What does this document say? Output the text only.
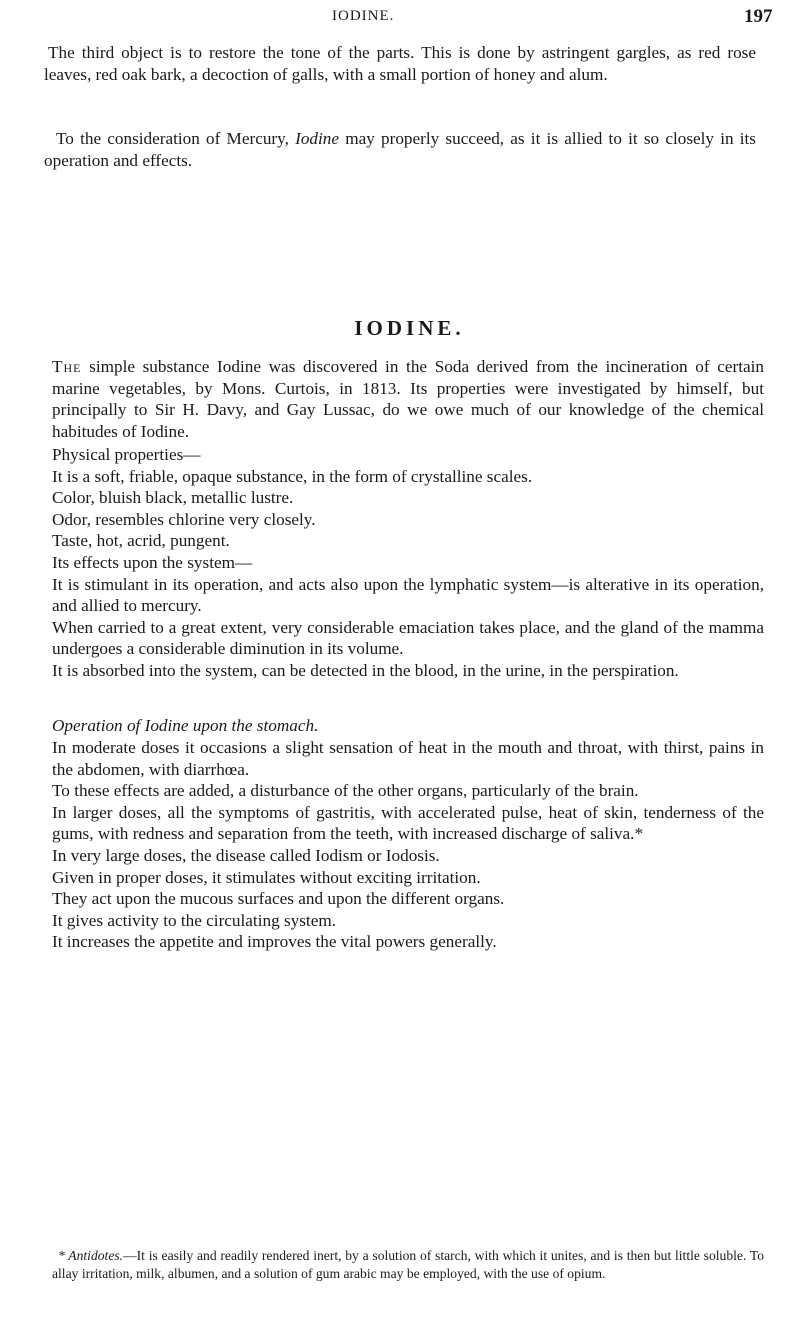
IODINE.	197

The third object is to restore the tone of the parts. This is done by astringent gargles, as red rose leaves, red oak bark, a decoction of galls, with a small portion of honey and alum.

To the consideration of Mercury, Iodine may properly succeed, as it is allied to it so closely in its operation and effects.

IODINE.

The simple substance Iodine was discovered in the Soda derived from the incineration of certain marine vegetables, by Mons. Curtois, in 1813. Its properties were investigated by himself, but principally to Sir H. Davy, and Gay Lussac, do we owe much of our knowledge of the chemical habitudes of Iodine.

Physical properties—
It is a soft, friable, opaque substance, in the form of crystalline scales.
Color, bluish black, metallic lustre.
Odor, resembles chlorine very closely.
Taste, hot, acrid, pungent.
Its effects upon the system—
It is stimulant in its operation, and acts also upon the lymphatic system—is alterative in its operation, and allied to mercury.
When carried to a great extent, very considerable emaciation takes place, and the gland of the mamma undergoes a considerable diminution in its volume.
It is absorbed into the system, can be detected in the blood, in the urine, in the perspiration.

Operation of Iodine upon the stomach.

In moderate doses it occasions a slight sensation of heat in the mouth and throat, with thirst, pains in the abdomen, with diarrhœa.
To these effects are added, a disturbance of the other organs, particularly of the brain.
In larger doses, all the symptoms of gastritis, with accelerated pulse, heat of skin, tenderness of the gums, with redness and separation from the teeth, with increased discharge of saliva.*
In very large doses, the disease called Iodism or Iodosis.
Given in proper doses, it stimulates without exciting irritation.
They act upon the mucous surfaces and upon the different organs.
It gives activity to the circulating system.
It increases the appetite and improves the vital powers generally.

* Antidotes.—It is easily and readily rendered inert, by a solution of starch, with which it unites, and is then but little soluble. To allay irritation, milk, albumen, and a solution of gum arabic may be employed, with the use of opium.
